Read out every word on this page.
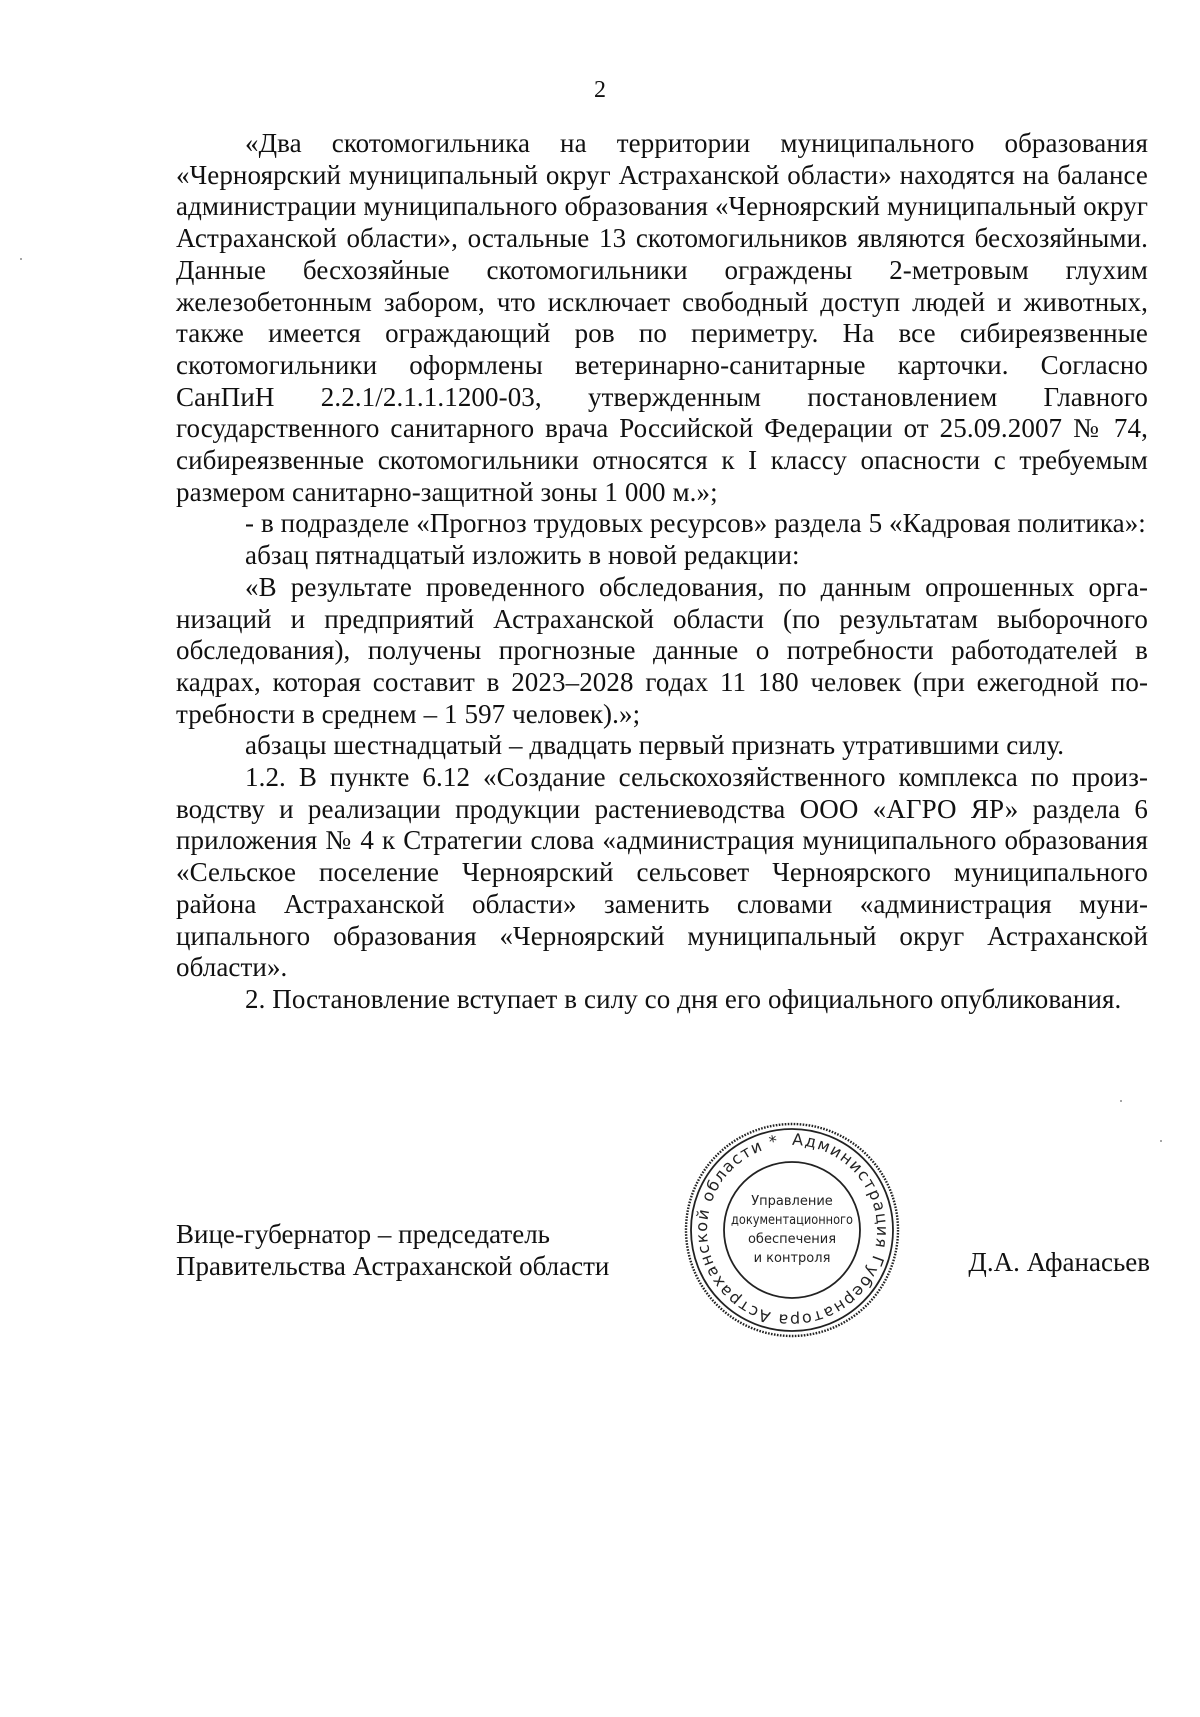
2

«Два скотомогильника на территории муниципального образования «Черноярский муниципальный округ Астраханской области» находятся на балансе администрации муниципального образования «Черноярский муниципальный округ Астраханской области», остальные 13 скотомогильников являются бесхозяйными. Данные бесхозяйные скотомогильники ограждены 2-метровым глухим железобетонным забором, что исключает свободный доступ людей и животных, также имеется ограждающий ров по периметру. На все сибиреязвенные скотомогильники оформлены ветеринарно-санитарные карточки. Согласно СанПиН 2.2.1/2.1.1.1200-03, утвержденным постановлением Главного государственного санитарного врача Российской Федерации от 25.09.2007 № 74, сибиреязвенные скотомогильники относятся к I классу опасности с требуемым размером санитарно-защитной зоны 1 000 м.»;

- в подразделе «Прогноз трудовых ресурсов» раздела 5 «Кадровая политика»:

абзац пятнадцатый изложить в новой редакции:

«В результате проведенного обследования, по данным опрошенных организаций и предприятий Астраханской области (по результатам выборочного обследования), получены прогнозные данные о потребности работодателей в кадрах, которая составит в 2023–2028 годах 11 180 человек (при ежегодной потребности в среднем – 1 597 человек).»;

абзацы шестнадцатый – двадцать первый признать утратившими силу.

1.2. В пункте 6.12 «Создание сельскохозяйственного комплекса по производству и реализации продукции растениеводства ООО «АГРО ЯР» раздела 6 приложения № 4 к Стратегии слова «администрация муниципального образования «Сельское поселение Черноярский сельсовет Черноярского муниципального района Астраханской области» заменить словами «администрация муниципального образования «Черноярский муниципальный округ Астраханской области».

2. Постановление вступает в силу со дня его официального опубликования.

Вице-губернатор – председатель
Правительства Астраханской области	Д.А. Афанасьев
Администрация Губернатора Астраханской области *
Управление
документационного
обеспечения
и контроля
